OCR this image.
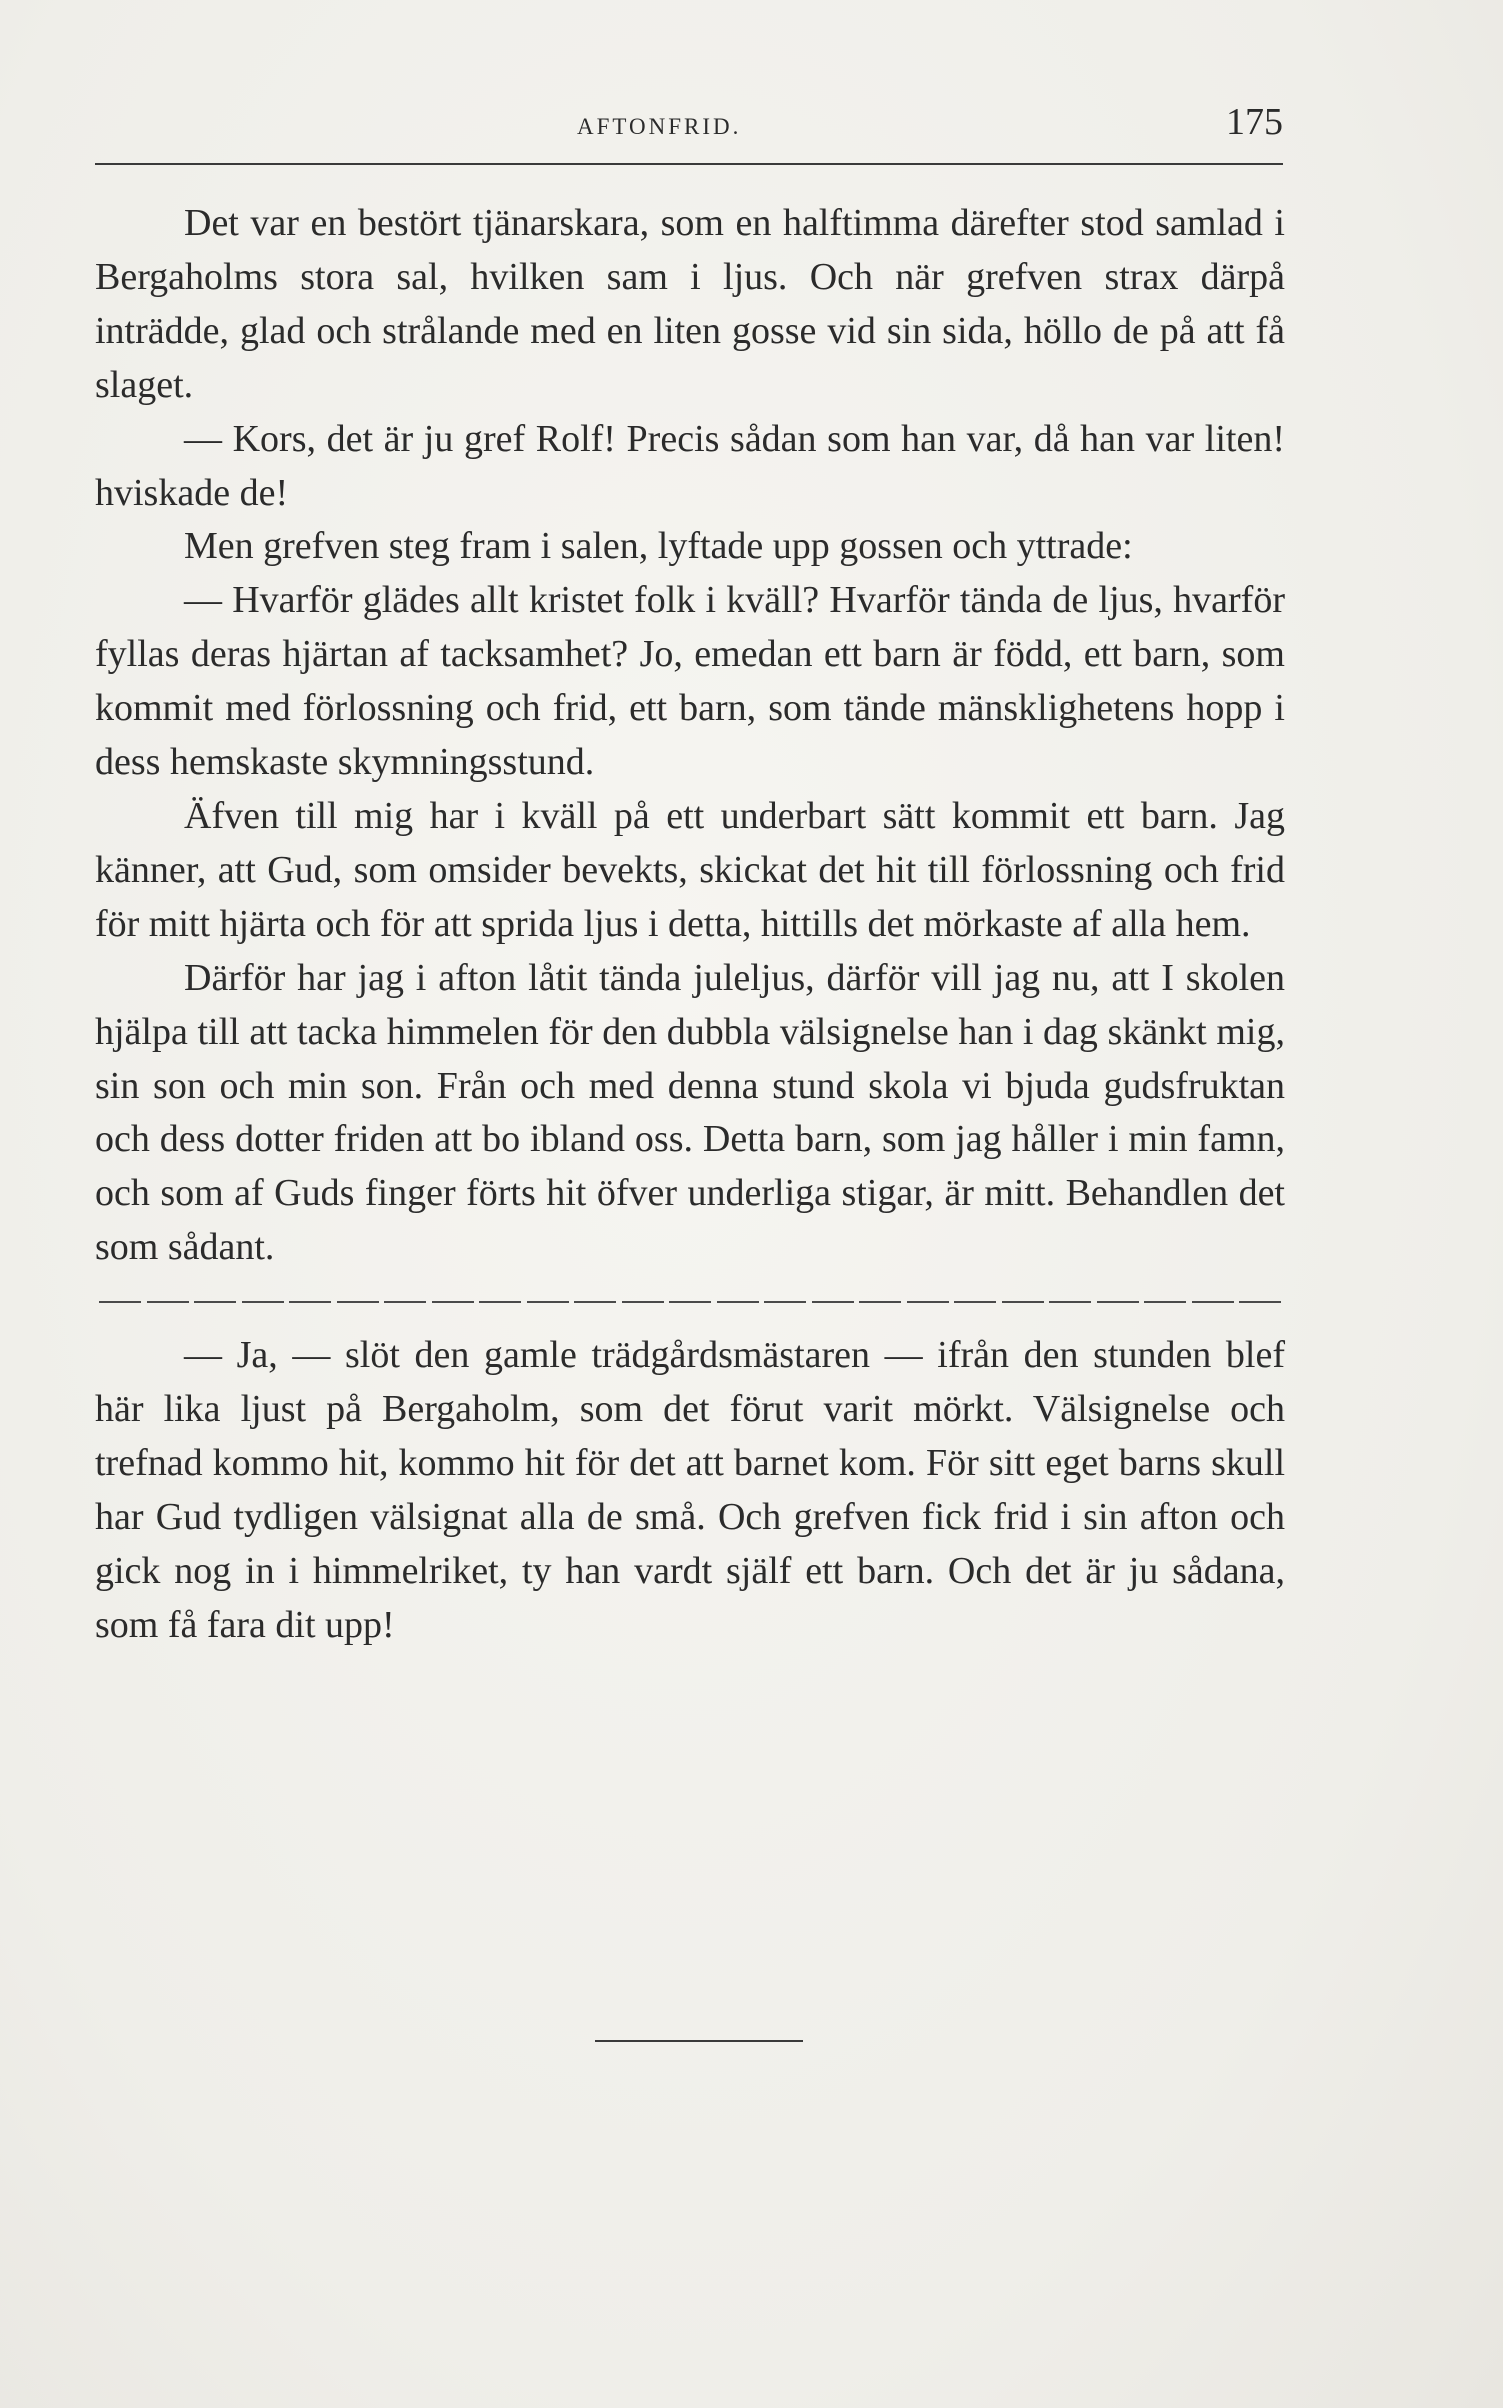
AFTONFRID.	175

Det var en bestört tjänarskara, som en halftimma därefter stod samlad i Bergaholms stora sal, hvilken sam i ljus. Och när grefven strax därpå inträdde, glad och strålande med en liten gosse vid sin sida, höllo de på att få slaget.

— Kors, det är ju gref Rolf! Precis sådan som han var, då han var liten! hviskade de!

Men grefven steg fram i salen, lyftade upp gossen och yttrade:

— Hvarför glädes allt kristet folk i kväll? Hvarför tända de ljus, hvarför fyllas deras hjärtan af tacksamhet? Jo, emedan ett barn är född, ett barn, som kommit med förlossning och frid, ett barn, som tände mänsklighetens hopp i dess hemskaste skymningsstund.

Äfven till mig har i kväll på ett underbart sätt kommit ett barn. Jag känner, att Gud, som omsider bevekts, skickat det hit till förlossning och frid för mitt hjärta och för att sprida ljus i detta, hittills det mörkaste af alla hem.

Därför har jag i afton låtit tända juleljus, därför vill jag nu, att I skolen hjälpa till att tacka himmelen för den dubbla välsignelse han i dag skänkt mig, sin son och min son. Från och med denna stund skola vi bjuda gudsfruktan och dess dotter friden att bo ibland oss. Detta barn, som jag håller i min famn, och som af Guds finger förts hit öfver underliga stigar, är mitt. Behandlen det som sådant.

— Ja, — slöt den gamle trädgårdsmästaren — ifrån den stunden blef här lika ljust på Bergaholm, som det förut varit mörkt. Välsignelse och trefnad kommo hit, kommo hit för det att barnet kom. För sitt eget barns skull har Gud tydligen välsignat alla de små. Och grefven fick frid i sin afton och gick nog in i himmelriket, ty han vardt själf ett barn. Och det är ju sådana, som få fara dit upp!
